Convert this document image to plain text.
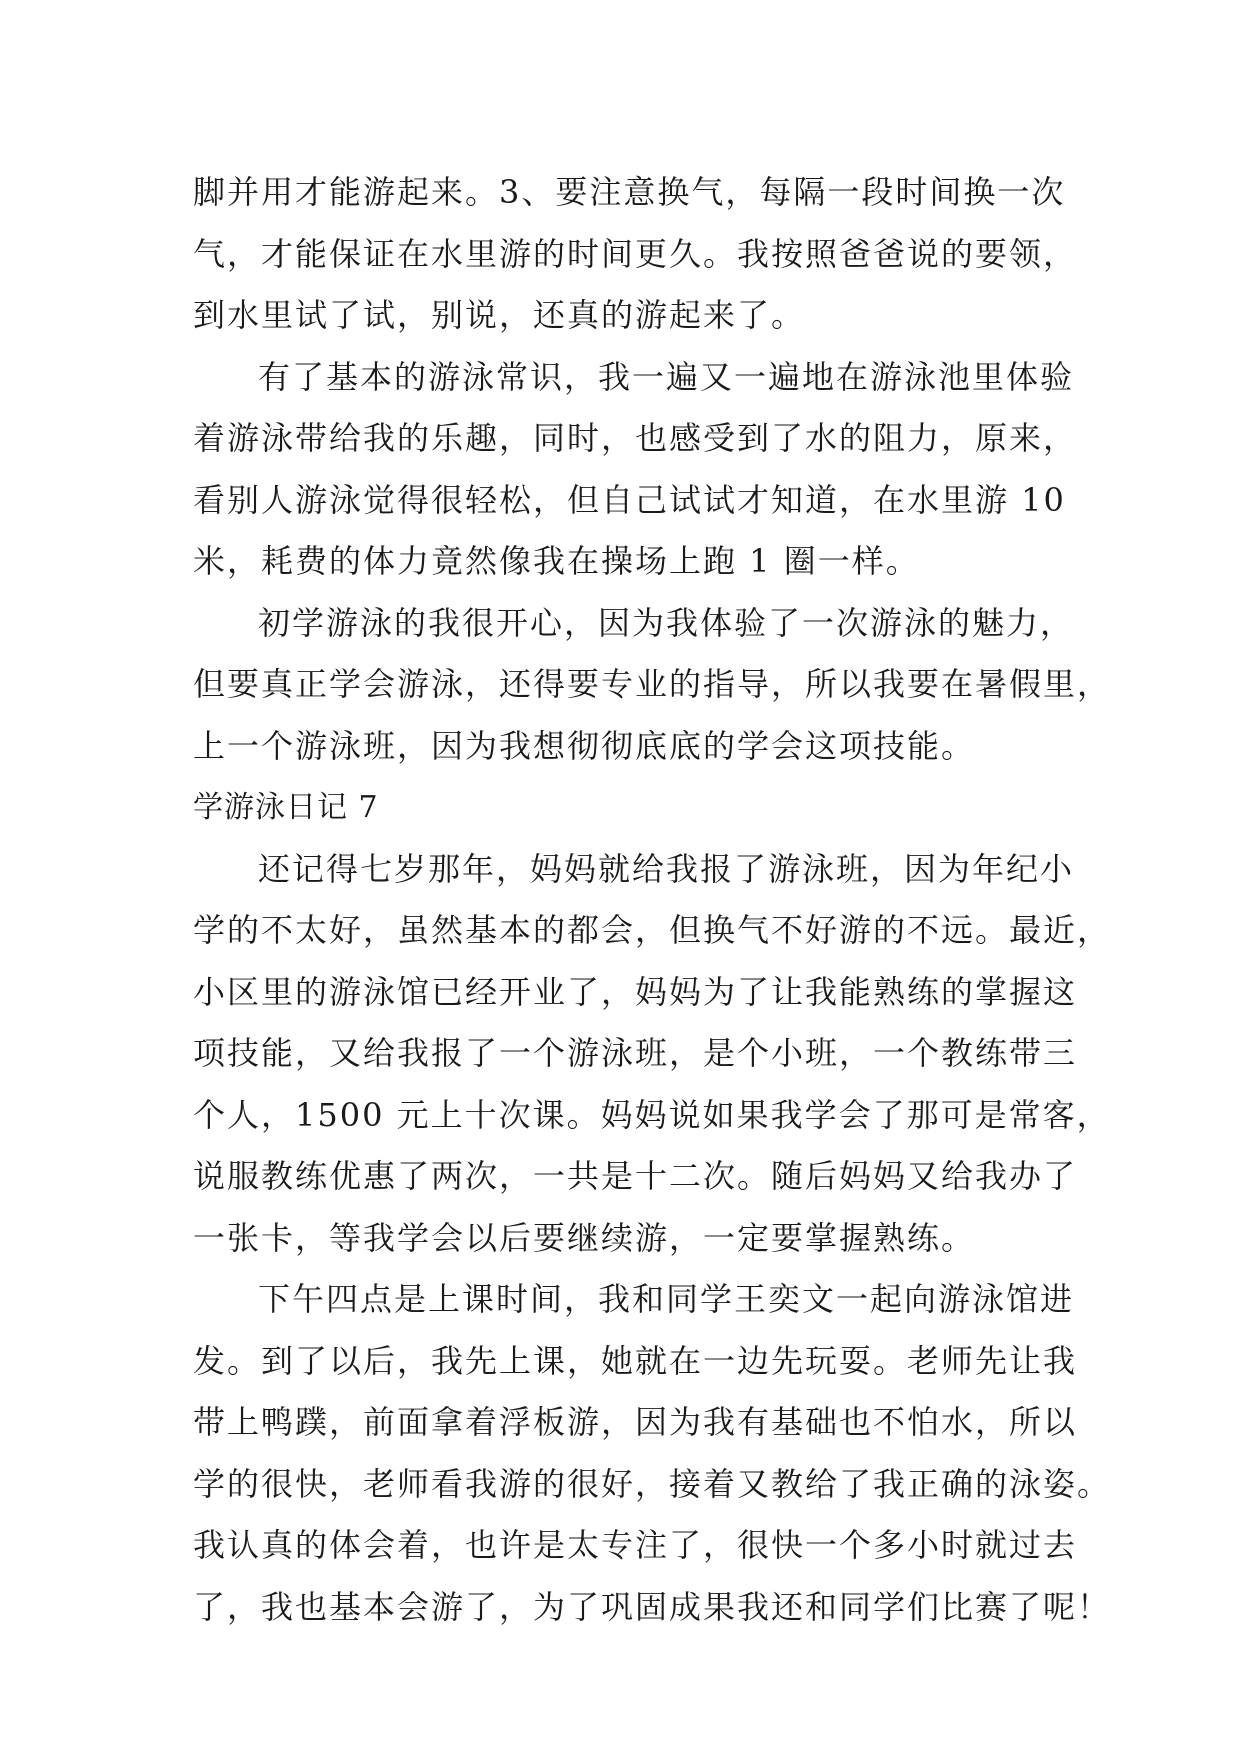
脚并用才能游起来。3、要注意换气，每隔一段时间换一次
气，才能保证在水里游的时间更久。我按照爸爸说的要领，
到水里试了试，别说，还真的游起来了。
有了基本的游泳常识，我一遍又一遍地在游泳池里体验
着游泳带给我的乐趣，同时，也感受到了水的阻力，原来，
看别人游泳觉得很轻松，但自己试试才知道，在水里游 10
米，耗费的体力竟然像我在操场上跑 1 圈一样。
初学游泳的我很开心，因为我体验了一次游泳的魅力，
但要真正学会游泳，还得要专业的指导，所以我要在暑假里，
上一个游泳班，因为我想彻彻底底的学会这项技能。
学游泳日记 7
还记得七岁那年，妈妈就给我报了游泳班，因为年纪小
学的不太好，虽然基本的都会，但换气不好游的不远。最近，
小区里的游泳馆已经开业了，妈妈为了让我能熟练的掌握这
项技能，又给我报了一个游泳班，是个小班，一个教练带三
个人，1500 元上十次课。妈妈说如果我学会了那可是常客，
说服教练优惠了两次，一共是十二次。随后妈妈又给我办了
一张卡，等我学会以后要继续游，一定要掌握熟练。
下午四点是上课时间，我和同学王奕文一起向游泳馆进
发。到了以后，我先上课，她就在一边先玩耍。老师先让我
带上鸭蹼，前面拿着浮板游，因为我有基础也不怕水，所以
学的很快，老师看我游的很好，接着又教给了我正确的泳姿。
我认真的体会着，也许是太专注了，很快一个多小时就过去
了，我也基本会游了，为了巩固成果我还和同学们比赛了呢！
